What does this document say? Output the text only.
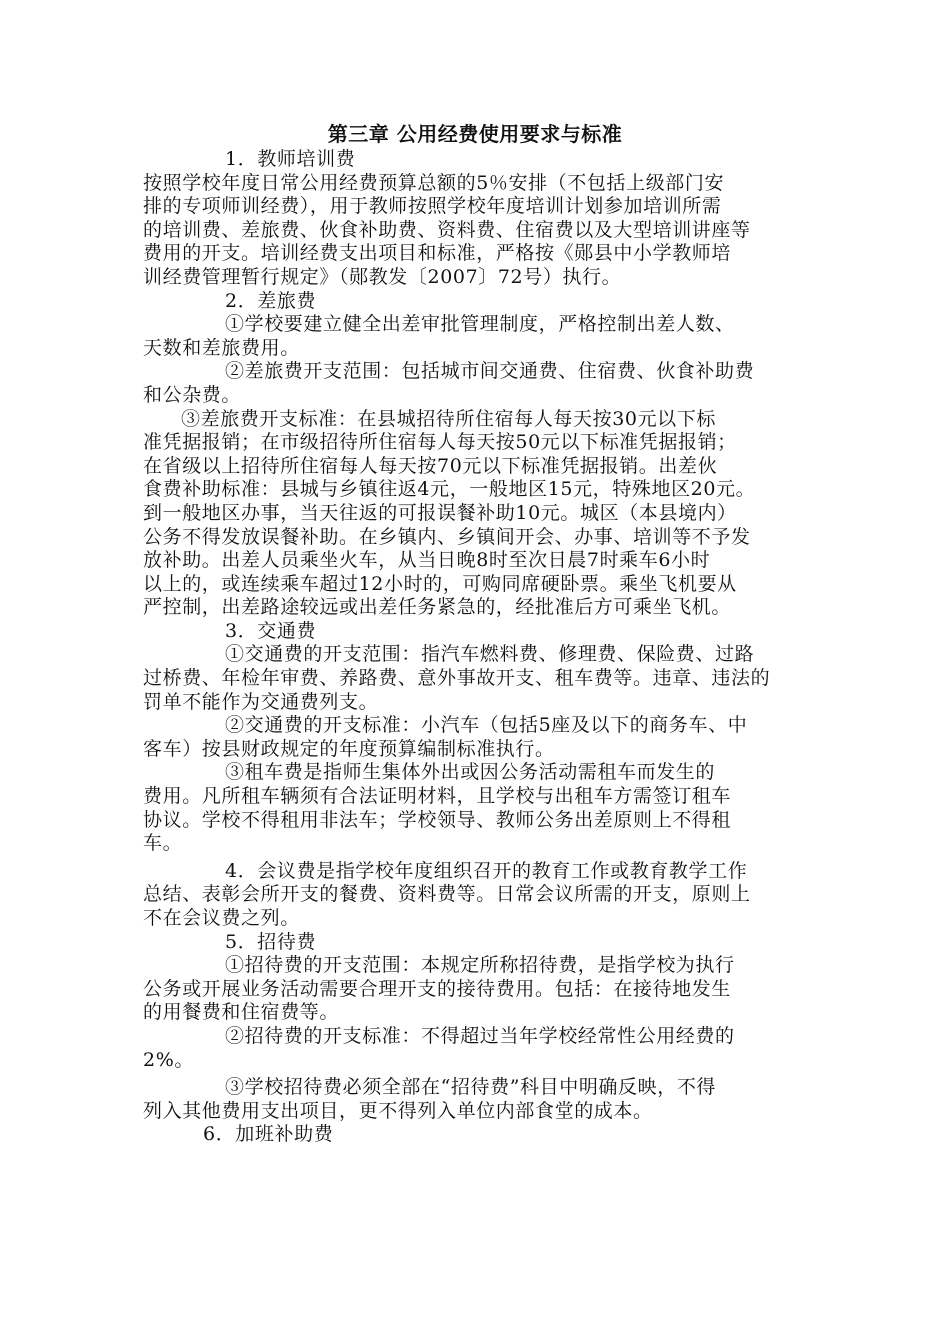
第三章 公用经费使用要求与标准

1．教师培训费

按照学校年度日常公用经费预算总额的5％安排（不包括上级部门安

排的专项师训经费），用于教师按照学校年度培训计划参加培训所需

的培训费、差旅费、伙食补助费、资料费、住宿费以及大型培训讲座等

费用的开支。培训经费支出项目和标准，严格按《郧县中小学教师培

训经费管理暂行规定》（郧教发〔2007〕72号）执行。

2．差旅费

①学校要建立健全出差审批管理制度，严格控制出差人数、

天数和差旅费用。

②差旅费开支范围：包括城市间交通费、住宿费、伙食补助费

和公杂费。

③差旅费开支标准：在县城招待所住宿每人每天按30元以下标

准凭据报销；在市级招待所住宿每人每天按50元以下标准凭据报销；

在省级以上招待所住宿每人每天按70元以下标准凭据报销。出差伙

食费补助标准：县城与乡镇往返4元，一般地区15元，特殊地区20元。

到一般地区办事，当天往返的可报误餐补助10元。城区（本县境内）

公务不得发放误餐补助。在乡镇内、乡镇间开会、办事、培训等不予发

放补助。出差人员乘坐火车，从当日晚8时至次日晨7时乘车6小时

以上的，或连续乘车超过12小时的，可购同席硬卧票。乘坐飞机要从

严控制，出差路途较远或出差任务紧急的，经批准后方可乘坐飞机。

3．交通费

①交通费的开支范围：指汽车燃料费、修理费、保险费、过路

过桥费、年检年审费、养路费、意外事故开支、租车费等。违章、违法的

罚单不能作为交通费列支。

②交通费的开支标准：小汽车（包括5座及以下的商务车、中

客车）按县财政规定的年度预算编制标准执行。

③租车费是指师生集体外出或因公务活动需租车而发生的

费用。凡所租车辆须有合法证明材料，且学校与出租车方需签订租车

协议。学校不得租用非法车；学校领导、教师公务出差原则上不得租

车。

4．会议费是指学校年度组织召开的教育工作或教育教学工作

总结、表彰会所开支的餐费、资料费等。日常会议所需的开支，原则上

不在会议费之列。

5．招待费

①招待费的开支范围：本规定所称招待费，是指学校为执行

公务或开展业务活动需要合理开支的接待费用。包括：在接待地发生

的用餐费和住宿费等。

②招待费的开支标准：不得超过当年学校经常性公用经费的

2%。

③学校招待费必须全部在“招待费”科目中明确反映，不得

列入其他费用支出项目，更不得列入单位内部食堂的成本。

6．加班补助费
